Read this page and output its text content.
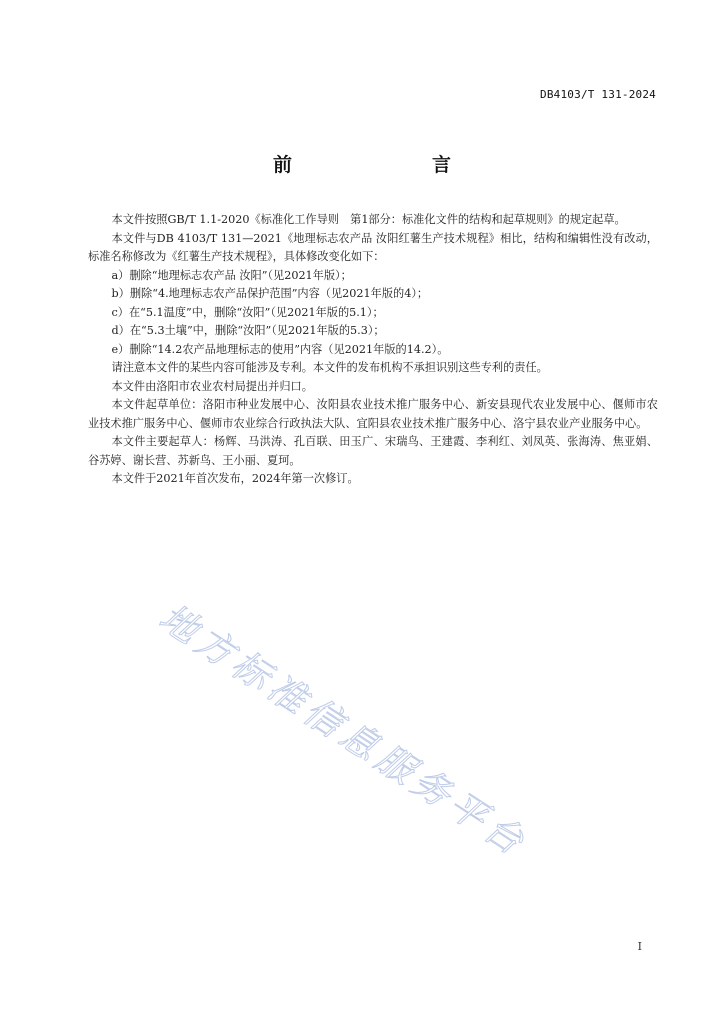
DB4103/T 131-2024
前　　言

本文件按照GB/T 1.1-2020《标准化工作导则　第1部分：标准化文件的结构和起草规则》的规定起草。

本文件与DB 4103/T 131—2021《地理标志农产品 汝阳红薯生产技术规程》相比，结构和编辑性没有改动，标准名称修改为《红薯生产技术规程》，具体修改变化如下：

a）删除“地理标志农产品 汝阳”（见2021年版）；

b）删除“4.地理标志农产品保护范围”内容（见2021年版的4）；

c）在“5.1温度”中，删除“汝阳”（见2021年版的5.1）；

d）在“5.3土壤”中，删除“汝阳”（见2021年版的5.3）；

e）删除“14.2农产品地理标志的使用”内容（见2021年版的14.2）。

请注意本文件的某些内容可能涉及专利。本文件的发布机构不承担识别这些专利的责任。

本文件由洛阳市农业农村局提出并归口。

本文件起草单位：洛阳市种业发展中心、汝阳县农业技术推广服务中心、新安县现代农业发展中心、偃师市农业技术推广服务中心、偃师市农业综合行政执法大队、宜阳县农业技术推广服务中心、洛宁县农业产业服务中心。

本文件主要起草人：杨辉、马洪涛、孔百联、田玉广、宋瑞鸟、王建霞、李利红、刘凤英、张海涛、焦亚娟、谷苏婷、谢长营、苏新鸟、王小丽、夏珂。

本文件于2021年首次发布，2024年第一次修订。

地方标准信息服务平台
I
